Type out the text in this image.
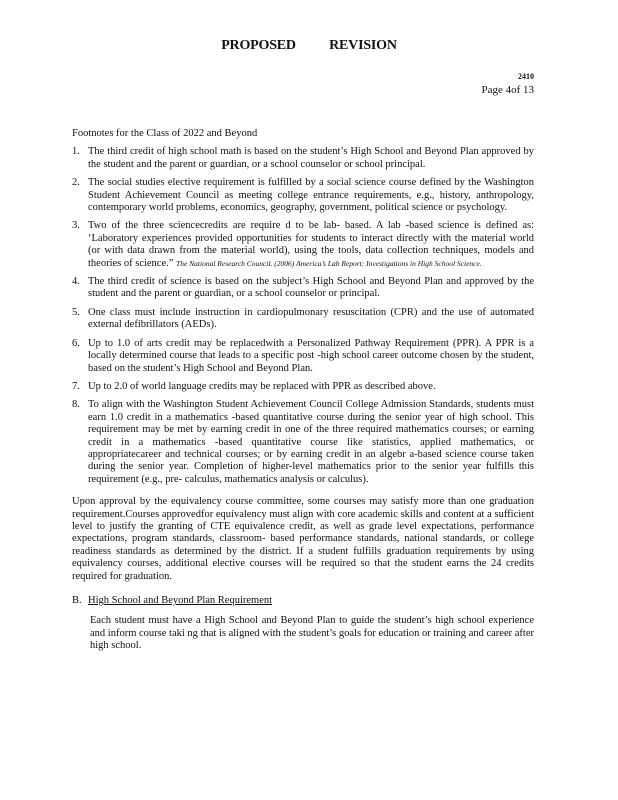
PROPOSED REVISION
2410
Page 4of 13
Footnotes for the Class of 2022 and Beyond
1. The third credit of high school math is based on the student’s High School and Beyond Plan approved by the student and the parent or guardian, or a school counselor or school principal.
2. The social studies elective requirement is fulfilled by a social science course defined by the Washington Student Achievement Council as meeting college entrance requirements, e.g., history, anthropology, contemporary world problems, economics, geography, government, political science or psychology.
3. Two of the three sciencecredits are require d to be lab- based. A lab -based science is defined as: ‘Laboratory experiences provided opportunities for students to interact directly with the material world (or with data drawn from the material world), using the tools, data collection techniques, models and theories of science.” The National Research Council. (2006) America’s Lab Report: Investigations in High School Science.
4. The third credit of science is based on the subject’s High School and Beyond Plan and approved by the student and the parent or guardian, or a school counselor or principal.
5. One class must include instruction in cardiopulmonary resuscitation (CPR) and the use of automated external defibrillators (AEDs).
6. Up to 1.0 of arts credit may be replacedwith a Personalized Pathway Requirement (PPR). A PPR is a locally determined course that leads to a specific post -high school career outcome chosen by the student, based on the student’s High School and Beyond Plan.
7. Up to 2.0 of world language credits may be replaced with PPR as described above.
8. To align with the Washington Student Achievement Council College Admission Standards, students must earn 1.0 credit in a mathematics -based quantitative course during the senior year of high school. This requirement may be met by earning credit in one of the three required mathematics courses; or earning credit in a mathematics -based quantitative course like statistics, applied mathematics, or appropriatecareer and technical courses; or by earning credit in an algebr a-based science course taken during the senior year. Completion of higher-level mathematics prior to the senior year fulfills this requirement (e.g., pre- calculus, mathematics analysis or calculus).
Upon approval by the equivalency course committee, some courses may satisfy more than one graduation requirement.Courses approvedfor equivalency must align with core academic skills and content at a sufficient level to justify the granting of CTE equivalence credit, as well as grade level expectations, performance expectations, program standards, classroom- based performance standards, national standards, or college readiness standards as determined by the district. If a student fulfills graduation requirements by using equivalency courses, additional elective courses will be required so that the student earns the 24 credits required for graduation.
B. High School and Beyond Plan Requirement

Each student must have a High School and Beyond Plan to guide the student’s high school experience and inform course taki ng that is aligned with the student’s goals for education or training and career after high school.
